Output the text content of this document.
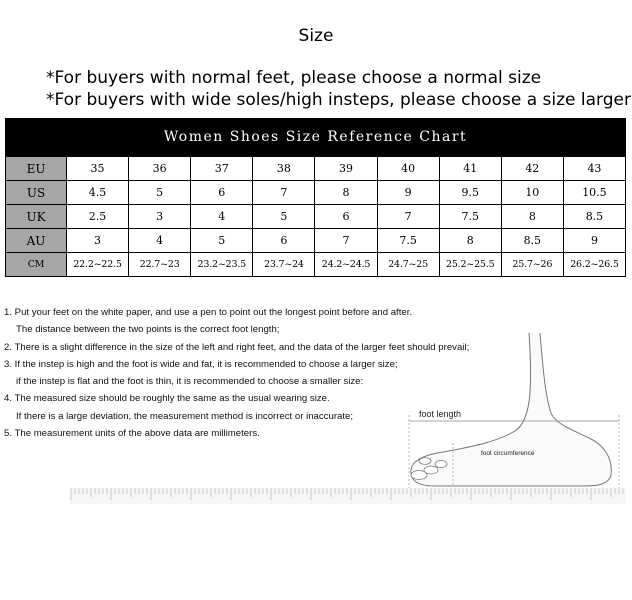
Size
*For buyers with normal feet, please choose a normal size
*For buyers with wide soles/high insteps, please choose a size larger
Women Shoes Size Reference Chart
EU	35	36	37	38	39	40	41	42	43
US	4.5	5	6	7	8	9	9.5	10	10.5
UK	2.5	3	4	5	6	7	7.5	8	8.5
AU	3	4	5	6	7	7.5	8	8.5	9
CM	22.2~22.5	22.7~23	23.2~23.5	23.7~24	24.2~24.5	24.7~25	25.2~25.5	25.7~26	26.2~26.5
1. Put your feet on the white paper, and use a pen to point out the longest point before and after.
The distance between the two points is the correct foot length;
2. There is a slight difference in the size of the left and right feet, and the data of the larger feet should prevail;
3. If the instep is high and the foot is wide and fat, it is recommended to choose a larger size;
if the instep is flat and the foot is thin, it is recommended to choose a smaller size:
4. The measured size should be roughly the same as the usual wearing size.
If there is a large deviation, the measurement method is incorrect or inaccurate;
5. The measurement units of the above data are millimeters.
foot length
foot circumference
